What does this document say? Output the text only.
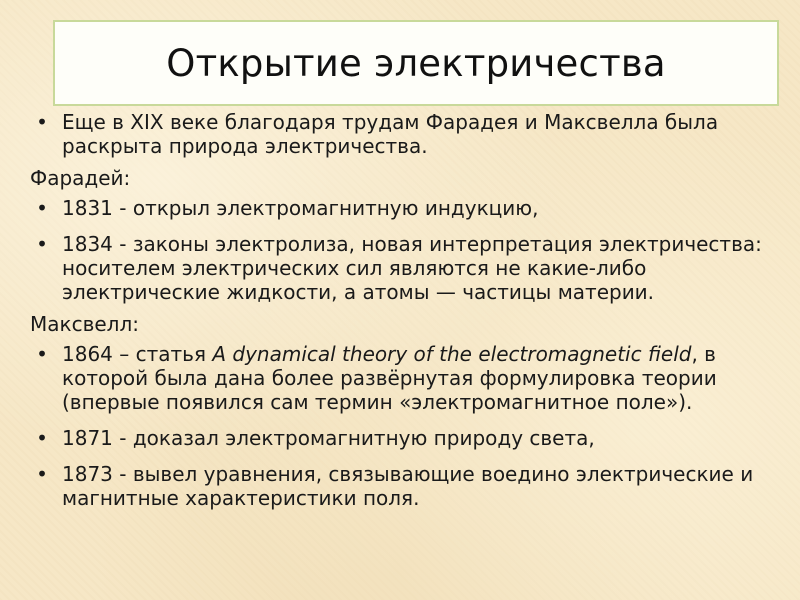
Открытие электричества
• Еще в XIX веке благодаря трудам Фарадея и Максвелла была раскрыта природа электричества.
Фарадей:
• 1831 - открыл электромагнитную индукцию,
• 1834 - законы электролиза, новая интерпретация электричества: носителем электрических сил являются не какие-либо электрические жидкости, а атомы — частицы материи.
Максвелл:
• 1864 – статья A dynamical theory of the electromagnetic field, в которой была дана более развёрнутая формулировка теории (впервые появился сам термин «электромагнитное поле»).
• 1871 - доказал электромагнитную природу света,
• 1873 - вывел уравнения, связывающие воедино электрические и магнитные характеристики поля.
